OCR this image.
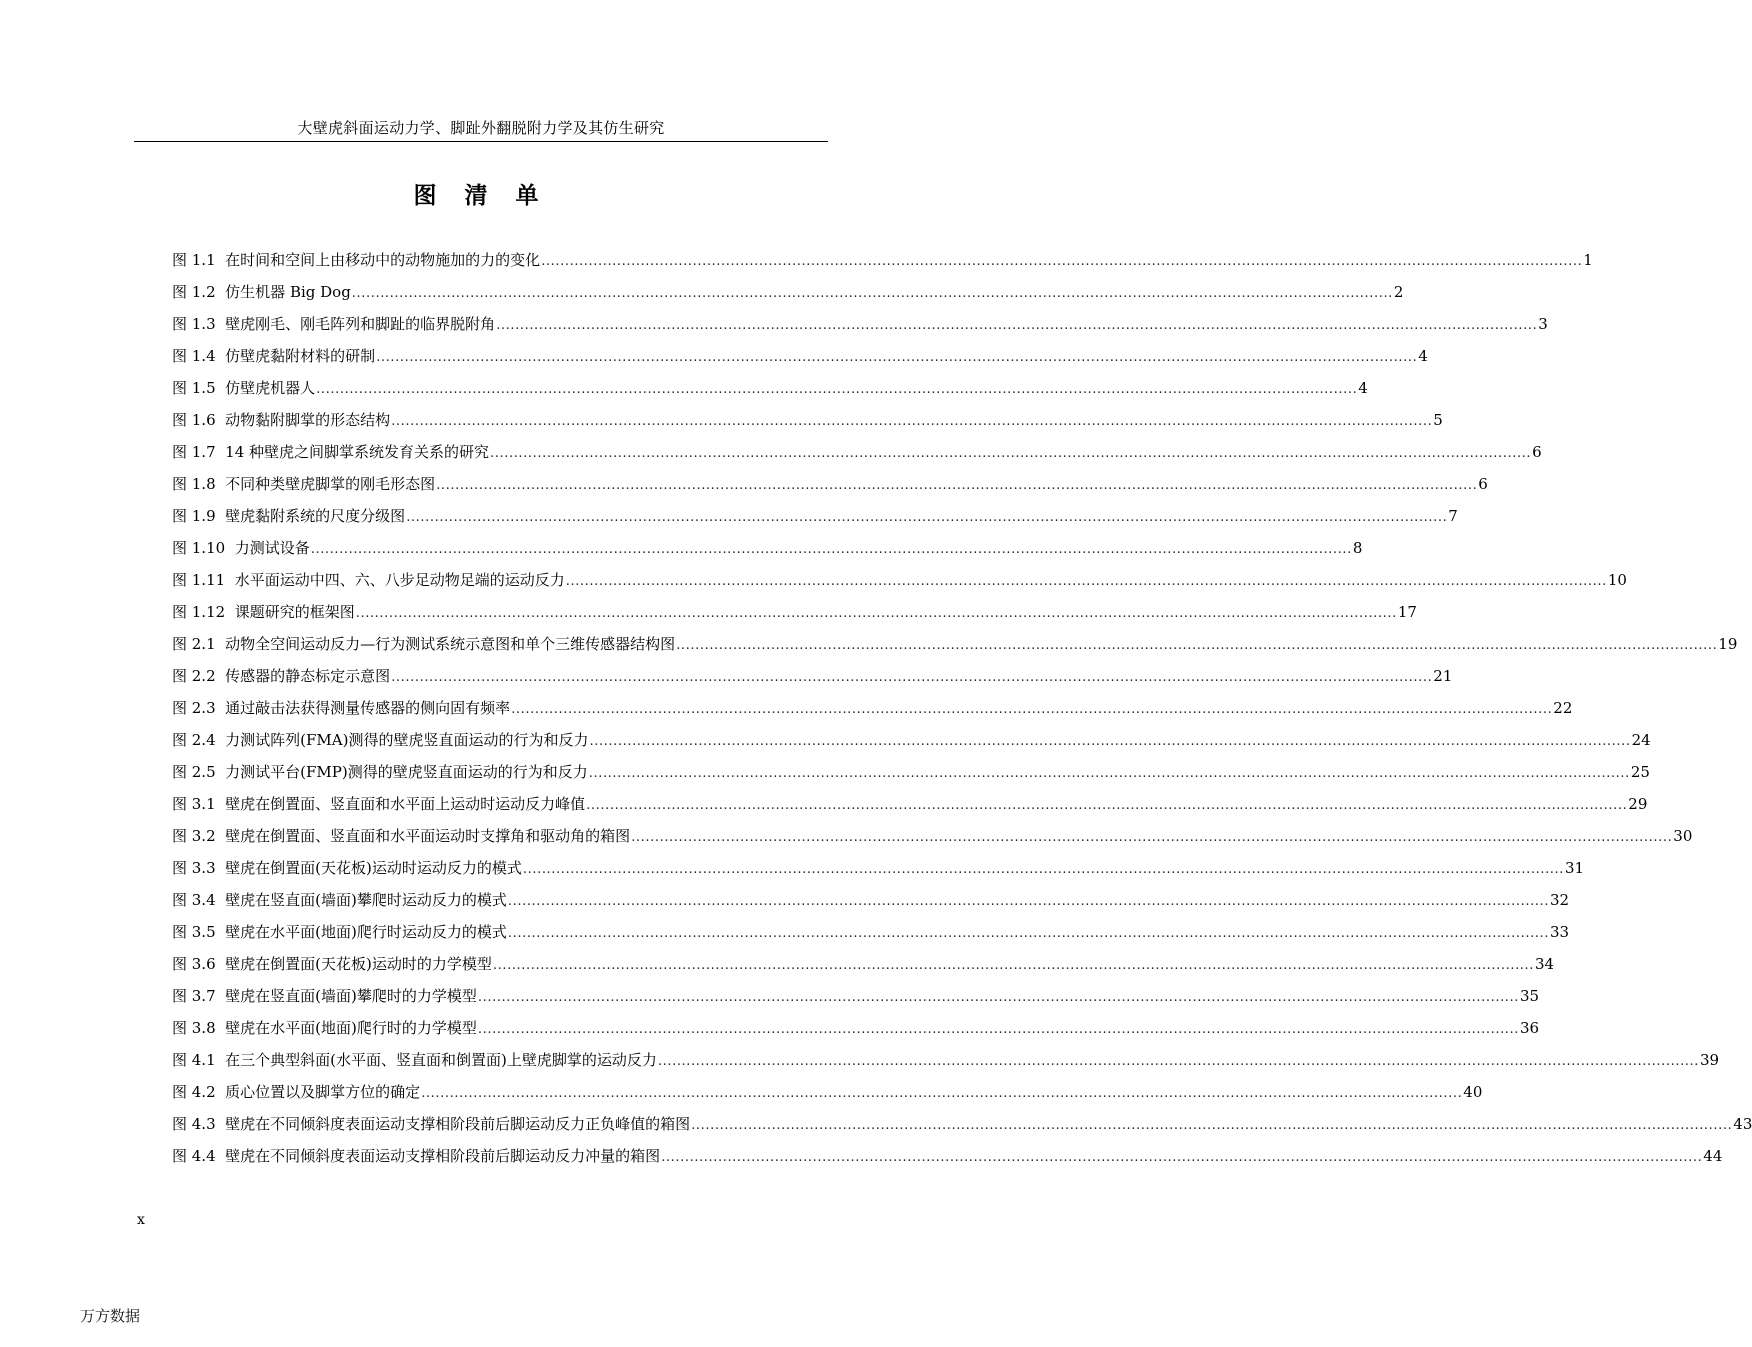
大壁虎斜面运动力学、脚趾外翻脱附力学及其仿生研究
图 清 单
图 1.1
在时间和空间上由移动中的动物施加的力的变化 ............................................................................................................................................................................................................................ 1
图 1.2
仿生机器 Big Dog ............................................................................................................................................................................................................................ 2
图 1.3
壁虎刚毛、刚毛阵列和脚趾的临界脱附角 ............................................................................................................................................................................................................................ 3
图 1.4
仿壁虎黏附材料的研制 ............................................................................................................................................................................................................................ 4
图 1.5
仿壁虎机器人 ............................................................................................................................................................................................................................ 4
图 1.6
动物黏附脚掌的形态结构 ............................................................................................................................................................................................................................ 5
图 1.7
14 种壁虎之间脚掌系统发育关系的研究 ............................................................................................................................................................................................................................ 6
图 1.8
不同种类壁虎脚掌的刚毛形态图 ............................................................................................................................................................................................................................ 6
图 1.9
壁虎黏附系统的尺度分级图 ............................................................................................................................................................................................................................ 7
图 1.10
力测试设备 ............................................................................................................................................................................................................................ 8
图 1.11
水平面运动中四、六、八步足动物足端的运动反力 ............................................................................................................................................................................................................................ 10
图 1.12
课题研究的框架图 ............................................................................................................................................................................................................................ 17
图 2.1
动物全空间运动反力—行为测试系统示意图和单个三维传感器结构图 ............................................................................................................................................................................................................................ 19
图 2.2
传感器的静态标定示意图 ............................................................................................................................................................................................................................ 21
图 2.3
通过敲击法获得测量传感器的侧向固有频率 ............................................................................................................................................................................................................................ 22
图 2.4
力测试阵列(FMA)测得的壁虎竖直面运动的行为和反力 ............................................................................................................................................................................................................................ 24
图 2.5
力测试平台(FMP)测得的壁虎竖直面运动的行为和反力 ............................................................................................................................................................................................................................ 25
图 3.1
壁虎在倒置面、竖直面和水平面上运动时运动反力峰值 ............................................................................................................................................................................................................................ 29
图 3.2
壁虎在倒置面、竖直面和水平面运动时支撑角和驱动角的箱图 ............................................................................................................................................................................................................................ 30
图 3.3
壁虎在倒置面(天花板)运动时运动反力的模式 ............................................................................................................................................................................................................................ 31
图 3.4
壁虎在竖直面(墙面)攀爬时运动反力的模式 ............................................................................................................................................................................................................................ 32
图 3.5
壁虎在水平面(地面)爬行时运动反力的模式 ............................................................................................................................................................................................................................ 33
图 3.6
壁虎在倒置面(天花板)运动时的力学模型 ............................................................................................................................................................................................................................ 34
图 3.7
壁虎在竖直面(墙面)攀爬时的力学模型 ............................................................................................................................................................................................................................ 35
图 3.8
壁虎在水平面(地面)爬行时的力学模型 ............................................................................................................................................................................................................................ 36
图 4.1
在三个典型斜面(水平面、竖直面和倒置面)上壁虎脚掌的运动反力 ............................................................................................................................................................................................................................ 39
图 4.2
质心位置以及脚掌方位的确定 ............................................................................................................................................................................................................................ 40
图 4.3
壁虎在不同倾斜度表面运动支撑相阶段前后脚运动反力正负峰值的箱图 ............................................................................................................................................................................................................................ 43
图 4.4
壁虎在不同倾斜度表面运动支撑相阶段前后脚运动反力冲量的箱图 ............................................................................................................................................................................................................................ 44
x
万方数据
